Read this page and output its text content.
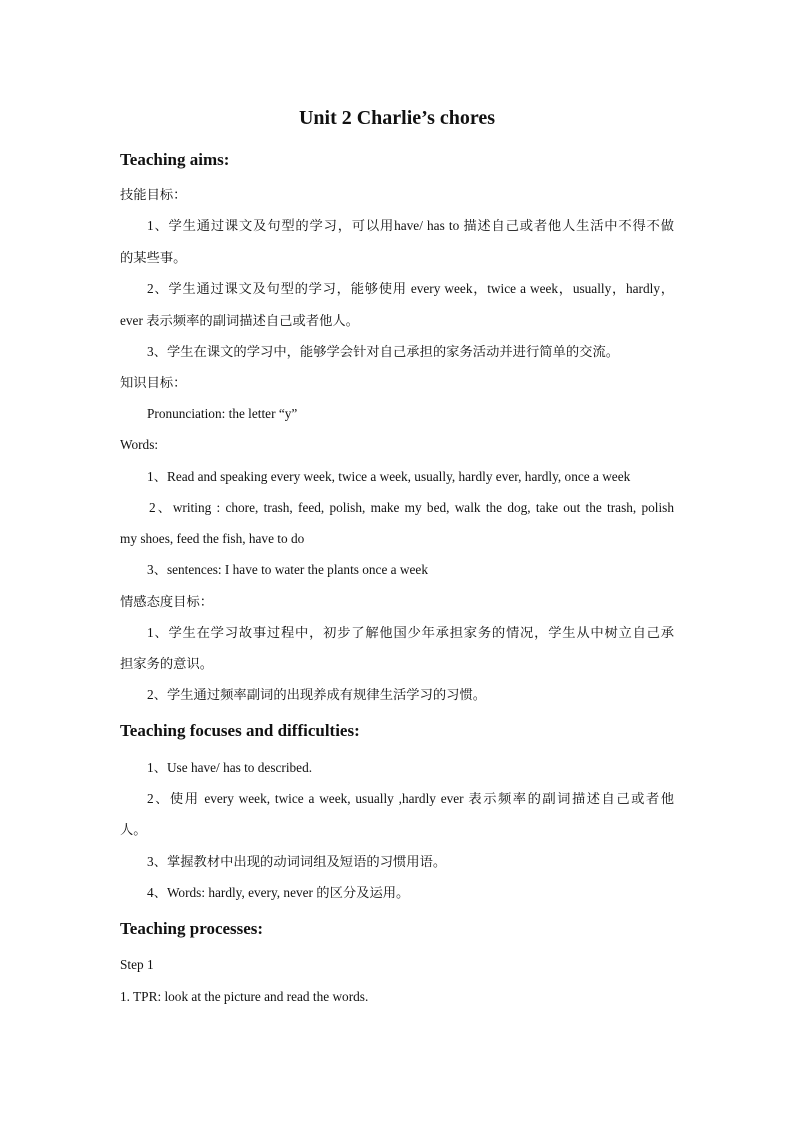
Unit 2 Charlie’s chores
Teaching aims:
技能目标：
1、学生通过课文及句型的学习，可以用have/ has to 描述自己或者他人生活中不得不做
的某些事。
2、学生通过课文及句型的学习，能够使用 every week，twice a week，usually，hardly，
ever 表示频率的副词描述自己或者他人。
3、学生在课文的学习中，能够学会针对自己承担的家务活动并进行简单的交流。
知识目标：
Pronunciation: the letter “y”
Words:
1、Read and speaking every week, twice a week, usually, hardly ever, hardly, once a week
2、writing : chore, trash, feed, polish, make my bed, walk the dog, take out the trash, polish
my shoes, feed the fish, have to do
3、sentences: I have to water the plants once a week
情感态度目标：
1、学生在学习故事过程中，初步了解他国少年承担家务的情况，学生从中树立自己承
担家务的意识。
2、学生通过频率副词的出现养成有规律生活学习的习惯。
Teaching focuses and difficulties:
1、Use have/ has to described.
2、使用 every week, twice a week, usually ,hardly ever 表示频率的副词描述自己或者他
人。
3、掌握教材中出现的动词词组及短语的习惯用语。
4、Words: hardly, every, never 的区分及运用。
Teaching processes:
Step 1
1. TPR: look at the picture and read the words.
